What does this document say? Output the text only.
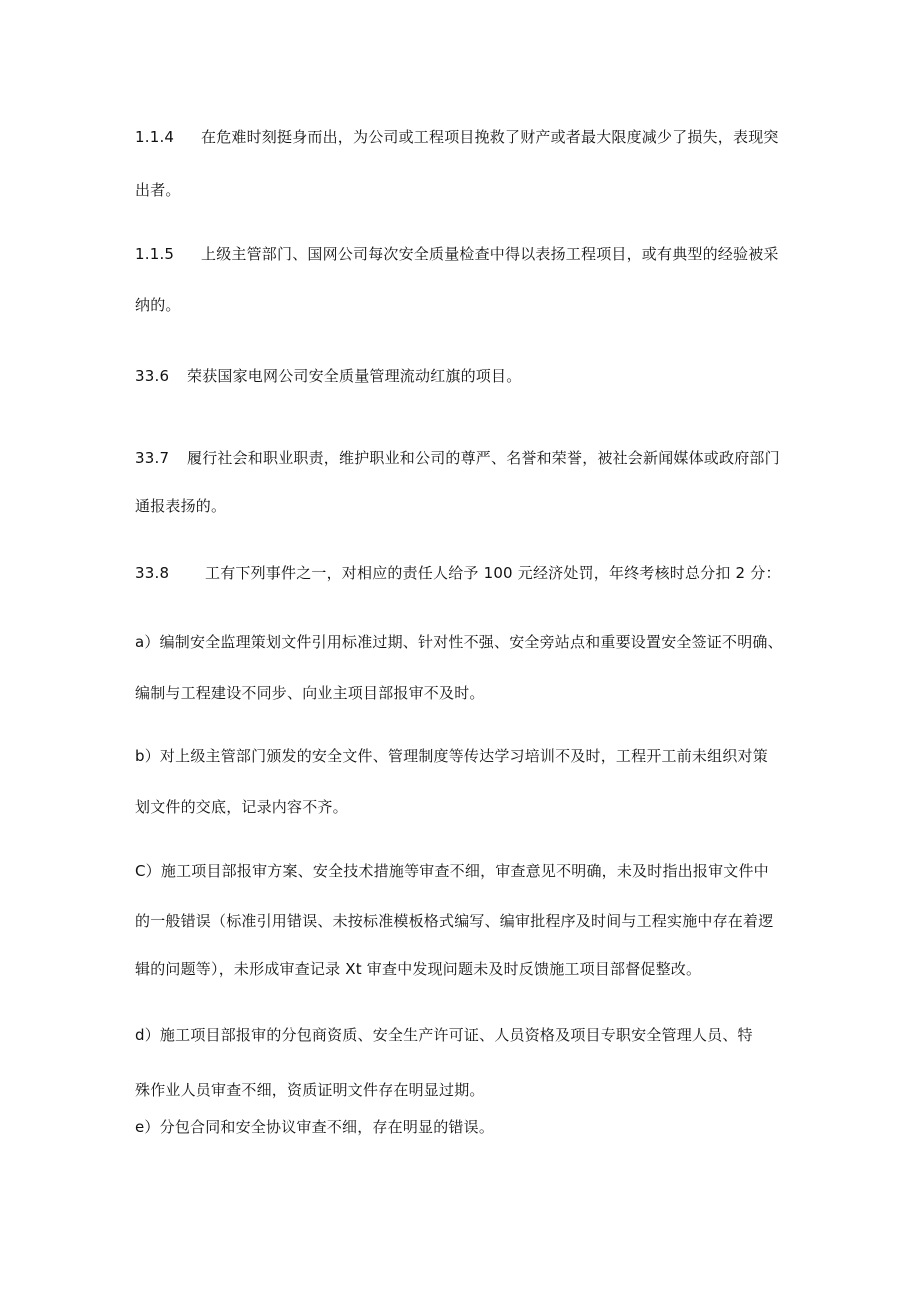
1.1.4 在危难时刻挺身而出，为公司或工程项目挽救了财产或者最大限度减少了损失，表现突
出者。
1.1.5 上级主管部门、国网公司每次安全质量检查中得以表扬工程项目，或有典型的经验被采
纳的。
33.6 荣获国家电网公司安全质量管理流动红旗的项目。
33.7 履行社会和职业职责，维护职业和公司的尊严、名誉和荣誉，被社会新闻媒体或政府部门
通报表扬的。
33.8 工有下列事件之一，对相应的责任人给予 100 元经济处罚，年终考核时总分扣 2 分：
a）编制安全监理策划文件引用标准过期、针对性不强、安全旁站点和重要设置安全签证不明确、
编制与工程建设不同步、向业主项目部报审不及时。
b）对上级主管部门颁发的安全文件、管理制度等传达学习培训不及时，工程开工前未组织对策
划文件的交底，记录内容不齐。
C）施工项目部报审方案、安全技术措施等审查不细，审查意见不明确，未及时指出报审文件中
的一般错误（标准引用错误、未按标准模板格式编写、编审批程序及时间与工程实施中存在着逻
辑的问题等），未形成审查记录 Xt 审查中发现问题未及时反馈施工项目部督促整改。
d）施工项目部报审的分包商资质、安全生产许可证、人员资格及项目专职安全管理人员、特
殊作业人员审查不细，资质证明文件存在明显过期。
e）分包合同和安全协议审查不细，存在明显的错误。
